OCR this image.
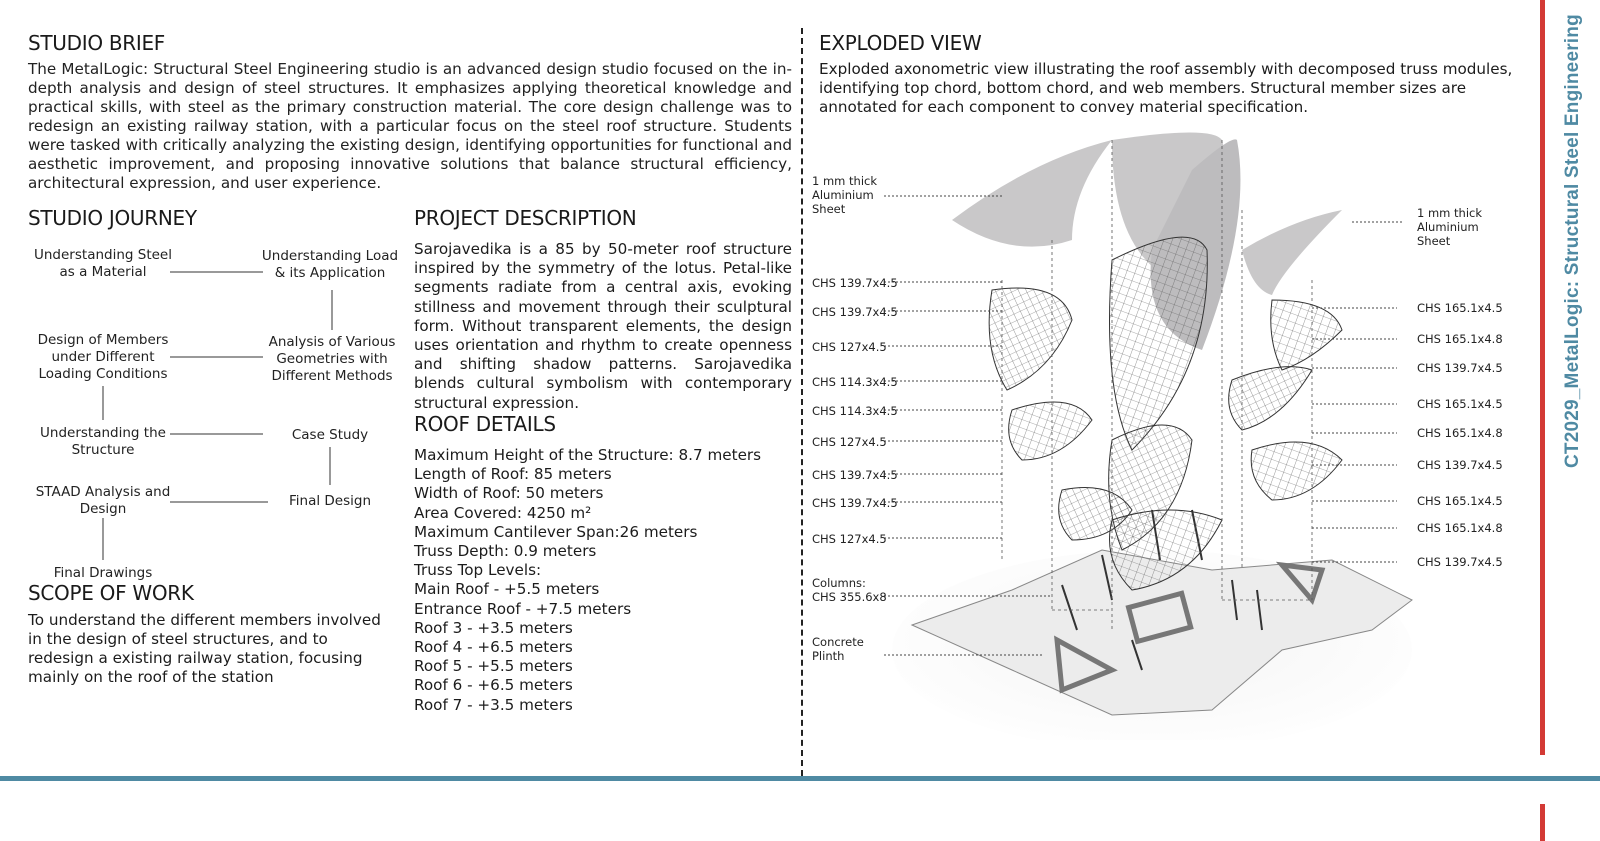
STUDIO BRIEF
The MetalLogic: Structural Steel Engineering studio is an advanced design studio focused on the in-depth analysis and design of steel structures. It emphasizes applying theoretical knowledge and practical skills, with steel as the primary construction material. The core design challenge was to redesign an existing railway station, with a particular focus on the steel roof structure. Students were tasked with critically analyzing the existing design, identifying opportunities for functional and aesthetic improvement, and proposing innovative solutions that balance structural efficiency, architectural expression, and user experience.
STUDIO JOURNEY
Understanding Steel as a Material
Understanding Load & its Application
Design of Members under Different Loading Conditions
Analysis of Various Geometries with Different Methods
Understanding the Structure
Case Study
STAAD Analysis and Design	Final Design
Final Drawings
SCOPE OF WORK
To understand the different members involved in the design of steel structures, and to redesign a existing railway station, focusing mainly on the roof of the station
PROJECT DESCRIPTION
Sarojavedika is a 85 by 50-meter roof structure inspired by the symmetry of the lotus. Petal-like segments radiate from a central axis, evoking stillness and movement through their sculptural form. Without transparent elements, the design uses orientation and rhythm to create openness and shifting shadow patterns. Sarojavedika blends cultural symbolism with contemporary structural expression.
ROOF DETAILS
Maximum Height of the Structure: 8.7 meters
Length of Roof: 85 meters
Width of Roof: 50 meters
Area Covered: 4250 m²
Maximum Cantilever Span:26 meters
Truss Depth: 0.9 meters
Truss Top Levels:
Main Roof - +5.5 meters
Entrance Roof - +7.5 meters
Roof 3 - +3.5 meters
Roof 4 - +6.5 meters
Roof 5 - +5.5 meters
Roof 6 - +6.5 meters
Roof 7 - +3.5 meters
EXPLODED VIEW
Exploded axonometric view illustrating the roof assembly with decomposed truss modules, identifying top chord, bottom chord, and web members. Structural member sizes are annotated for each component to convey material specification.
1 mm thick Aluminium Sheet
CHS 139.7x4.5
CHS 139.7x4.5
CHS 127x4.5
CHS 114.3x4.5
CHS 114.3x4.5
CHS 127x4.5
CHS 139.7x4.5
CHS 139.7x4.5
CHS 127x4.5
Columns: CHS 355.6x8
Concrete Plinth
1 mm thick Aluminium Sheet
CHS 165.1x4.5
CHS 165.1x4.8
CHS 139.7x4.5
CHS 165.1x4.5
CHS 165.1x4.8
CHS 139.7x4.5
CHS 165.1x4.5
CHS 165.1x4.8
CHS 139.7x4.5
CT2029_MetalLogic: Structural Steel Engineering
